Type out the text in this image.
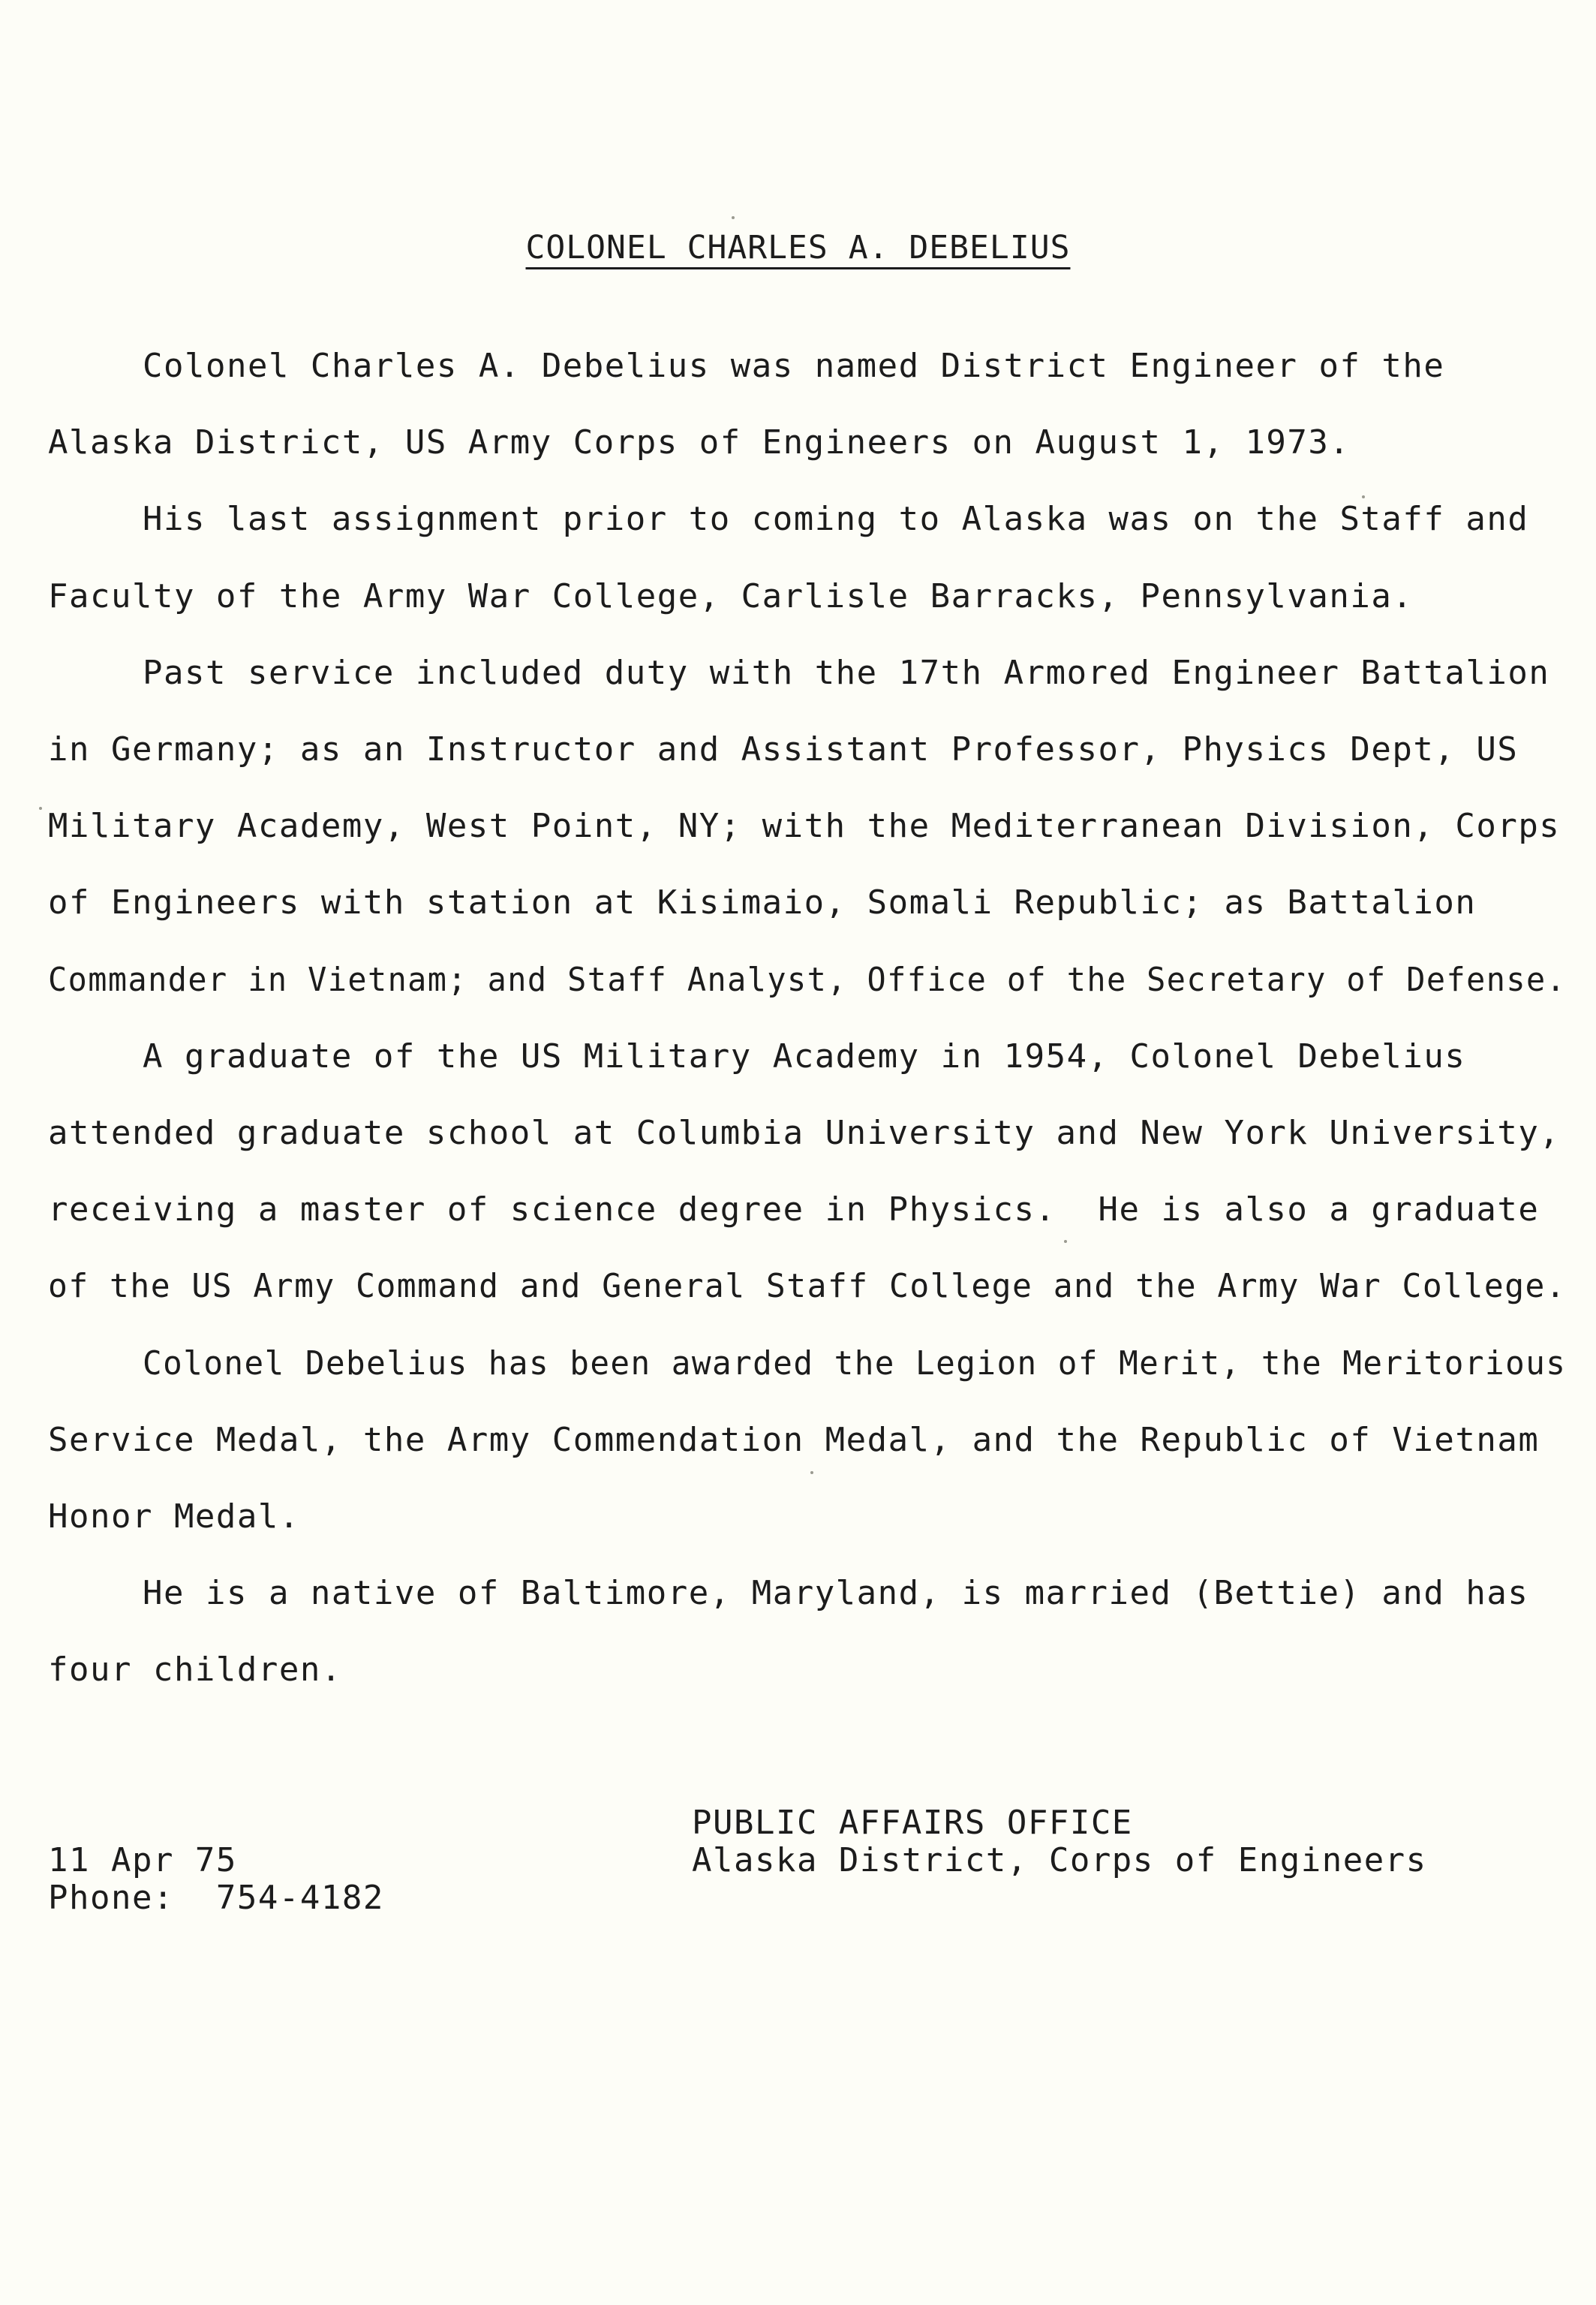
COLONEL CHARLES A. DEBELIUS

Colonel Charles A. Debelius was named District Engineer of the

Alaska District, US Army Corps of Engineers on August 1, 1973.

His last assignment prior to coming to Alaska was on the Staff and

Faculty of the Army War College, Carlisle Barracks, Pennsylvania.

Past service included duty with the 17th Armored Engineer Battalion

in Germany; as an Instructor and Assistant Professor, Physics Dept, US

Military Academy, West Point, NY; with the Mediterranean Division, Corps

of Engineers with station at Kisimaio, Somali Republic; as Battalion

Commander in Vietnam; and Staff Analyst, Office of the Secretary of Defense.

A graduate of the US Military Academy in 1954, Colonel Debelius

attended graduate school at Columbia University and New York University,

receiving a master of science degree in Physics.  He is also a graduate

of the US Army Command and General Staff College and the Army War College.

Colonel Debelius has been awarded the Legion of Merit, the Meritorious

Service Medal, the Army Commendation Medal, and the Republic of Vietnam

Honor Medal.

He is a native of Baltimore, Maryland, is married (Bettie) and has

four children.

PUBLIC AFFAIRS OFFICE

Alaska District, Corps of Engineers

11 Apr 75

Phone:  754-4182
